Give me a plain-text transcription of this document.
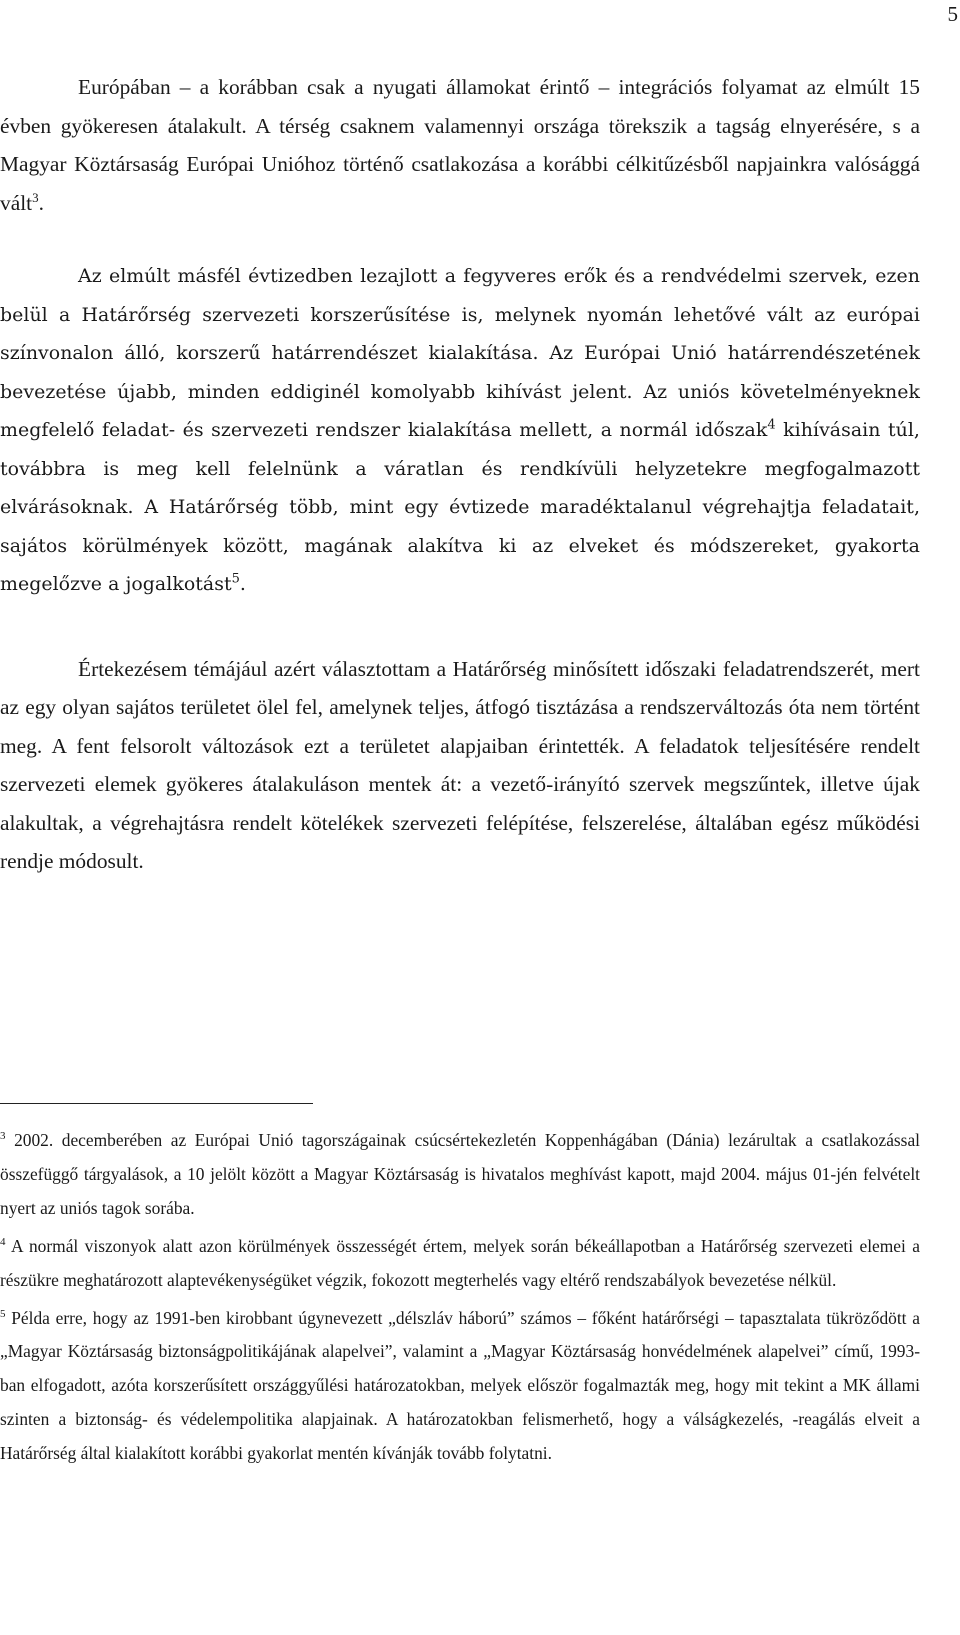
5

Európában – a korábban csak a nyugati államokat érintő – integrációs folyamat az elmúlt 15 évben gyökeresen átalakult. A térség csaknem valamennyi országa törekszik a tagság elnyerésére, s a Magyar Köztársaság Európai Unióhoz történő csatlakozása a korábbi célkitűzésből napjainkra valósággá vált$^3$.

Az elmúlt másfél évtizedben lezajlott a fegyveres erők és a rendvédelmi szervek, ezen belül a Határőrség szervezeti korszerűsítése is, melynek nyomán lehetővé vált az európai színvonalon álló, korszerű határrendészet kialakítása. Az Európai Unió határrendészetének bevezetése újabb, minden eddiginél komolyabb kihívást jelent. Az uniós követelményeknek megfelelő feladat- és szervezeti rendszer kialakítása mellett, a normál időszak$^4$ kihívásain túl, továbbra is meg kell felelnünk a váratlan és rendkívüli helyzetekre megfogalmazott elvárásoknak. A Határőrség több, mint egy évtizede maradéktalanul végrehajtja feladatait, sajátos körülmények között, magának alakítva ki az elveket és módszereket, gyakorta megelőzve a jogalkotást$^5$.

Értekezésem témájául azért választottam a Határőrség minősített időszaki feladatrendszerét, mert az egy olyan sajátos területet ölel fel, amelynek teljes, átfogó tisztázása a rendszerváltozás óta nem történt meg. A fent felsorolt változások ezt a területet alapjaiban érintették. A feladatok teljesítésére rendelt szervezeti elemek gyökeres átalakuláson mentek át: a vezető-irányító szervek megszűntek, illetve újak alakultak, a végrehajtásra rendelt kötelékek szervezeti felépítése, felszerelése, általában egész működési rendje módosult.

$^3$ 2002. decemberében az Európai Unió tagországainak csúcsértekezletén Koppenhágában (Dánia) lezárultak a csatlakozással összefüggő tárgyalások, a 10 jelölt között a Magyar Köztársaság is hivatalos meghívást kapott, majd 2004. május 01-jén felvételt nyert az uniós tagok sorába.

$^4$ A normál viszonyok alatt azon körülmények összességét értem, melyek során békeállapotban a Határőrség szervezeti elemei a részükre meghatározott alaptevékenységüket végzik, fokozott megterhelés vagy eltérő rendszabályok bevezetése nélkül.

$^5$ Példa erre, hogy az 1991-ben kirobbant úgynevezett „délszláv háború” számos – főként határőrségi – tapasztalata tükröződött a „Magyar Köztársaság biztonságpolitikájának alapelvei”, valamint a „Magyar Köztársaság honvédelmének alapelvei” című, 1993-ban elfogadott, azóta korszerűsített országgyűlési határozatokban, melyek először fogalmazták meg, hogy mit tekint a MK állami szinten a biztonság- és védelempolitika alapjainak. A határozatokban felismerhető, hogy a válságkezelés, -reagálás elveit a Határőrség által kialakított korábbi gyakorlat mentén kívánják tovább folytatni.
